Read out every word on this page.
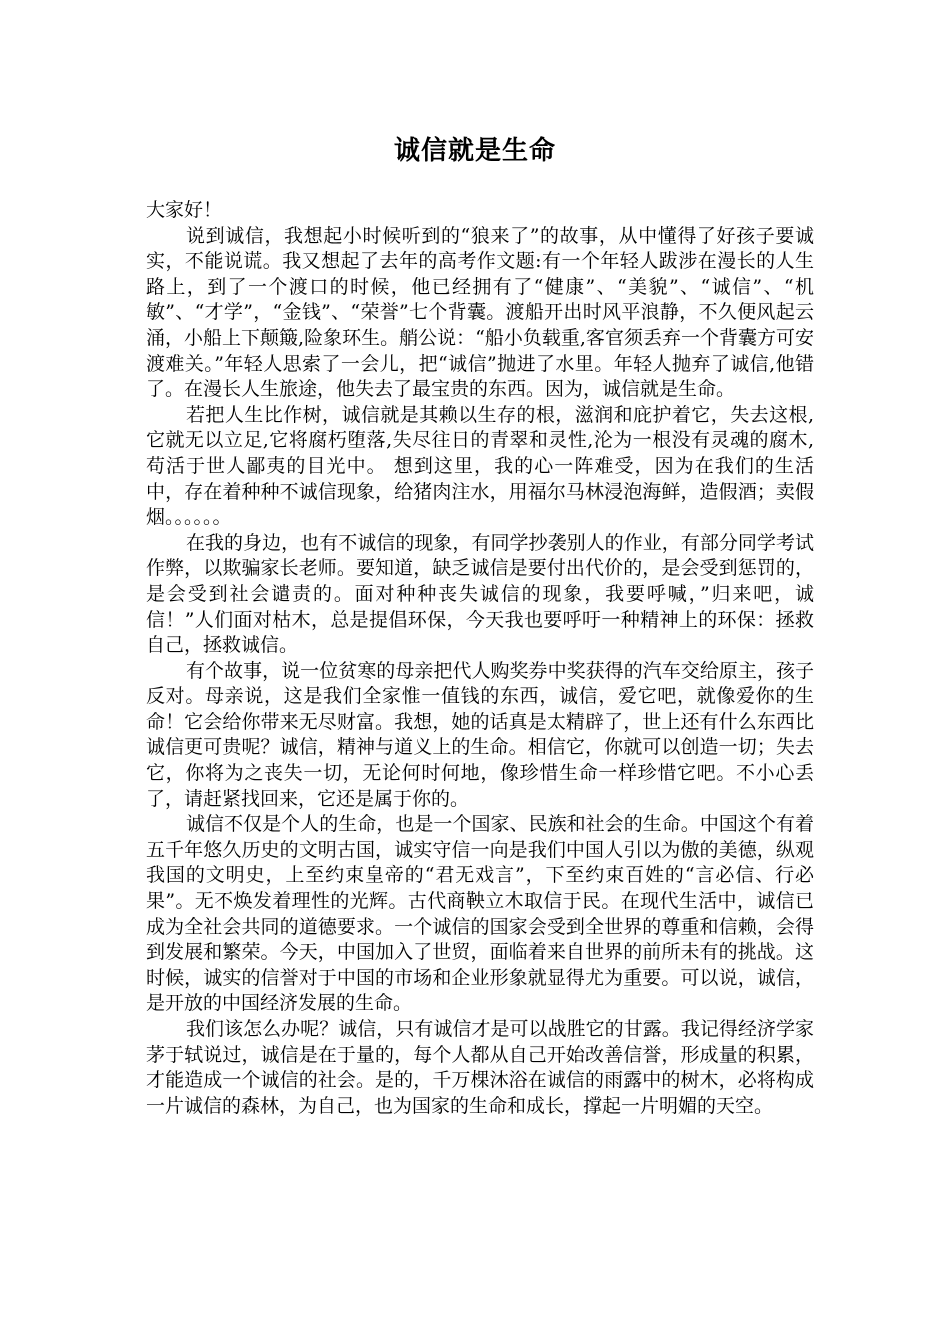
诚信就是生命

大家好！

说到诚信，我想起小时候听到的“狼来了”的故事，从中懂得了好孩子要诚实，不能说谎。我又想起了去年的高考作文题:有一个年轻人跋涉在漫长的人生路上，到了一个渡口的时候，他已经拥有了“健康”、“美貌”、“诚信”、“机敏”、“才学”，“金钱”、“荣誉”七个背囊。渡船开出时风平浪静，不久便风起云涌，小船上下颠簸,险象环生。艄公说：“船小负载重,客官须丢弃一个背囊方可安渡难关。”年轻人思索了一会儿，把“诚信”抛进了水里。年轻人抛弃了诚信,他错了。在漫长人生旅途，他失去了最宝贵的东西。因为，诚信就是生命。

若把人生比作树，诚信就是其赖以生存的根，滋润和庇护着它，失去这根,它就无以立足,它将腐朽堕落,失尽往日的青翠和灵性,沦为一根没有灵魂的腐木,苟活于世人鄙夷的目光中。 想到这里，我的心一阵难受，因为在我们的生活中，存在着种种不诚信现象，给猪肉注水，用福尔马林浸泡海鲜，造假酒；卖假烟。。。。。。

在我的身边，也有不诚信的现象，有同学抄袭别人的作业，有部分同学考试作弊，以欺骗家长老师。要知道，缺乏诚信是要付出代价的，是会受到惩罚的，是会受到社会谴责的。面对种种丧失诚信的现象，我要呼喊，”归来吧，诚信！”人们面对枯木，总是提倡环保，今天我也要呼吁一种精神上的环保：拯救自己，拯救诚信。

有个故事，说一位贫寒的母亲把代人购奖券中奖获得的汽车交给原主，孩子反对。母亲说，这是我们全家惟一值钱的东西，诚信，爱它吧，就像爱你的生命！它会给你带来无尽财富。我想，她的话真是太精辟了，世上还有什么东西比诚信更可贵呢？诚信，精神与道义上的生命。相信它，你就可以创造一切；失去它，你将为之丧失一切，无论何时何地，像珍惜生命一样珍惜它吧。不小心丢了，请赶紧找回来，它还是属于你的。

诚信不仅是个人的生命，也是一个国家、民族和社会的生命。中国这个有着五千年悠久历史的文明古国，诚实守信一向是我们中国人引以为傲的美德，纵观我国的文明史，上至约束皇帝的“君无戏言”，下至约束百姓的“言必信、行必果”。无不焕发着理性的光辉。古代商鞅立木取信于民。在现代生活中，诚信已成为全社会共同的道德要求。一个诚信的国家会受到全世界的尊重和信赖，会得到发展和繁荣。今天，中国加入了世贸，面临着来自世界的前所未有的挑战。这时候，诚实的信誉对于中国的市场和企业形象就显得尤为重要。可以说，诚信，是开放的中国经济发展的生命。

我们该怎么办呢？诚信，只有诚信才是可以战胜它的甘露。我记得经济学家茅于轼说过，诚信是在于量的，每个人都从自己开始改善信誉，形成量的积累，才能造成一个诚信的社会。是的，千万棵沐浴在诚信的雨露中的树木，必将构成一片诚信的森林，为自己，也为国家的生命和成长，撑起一片明媚的天空。
